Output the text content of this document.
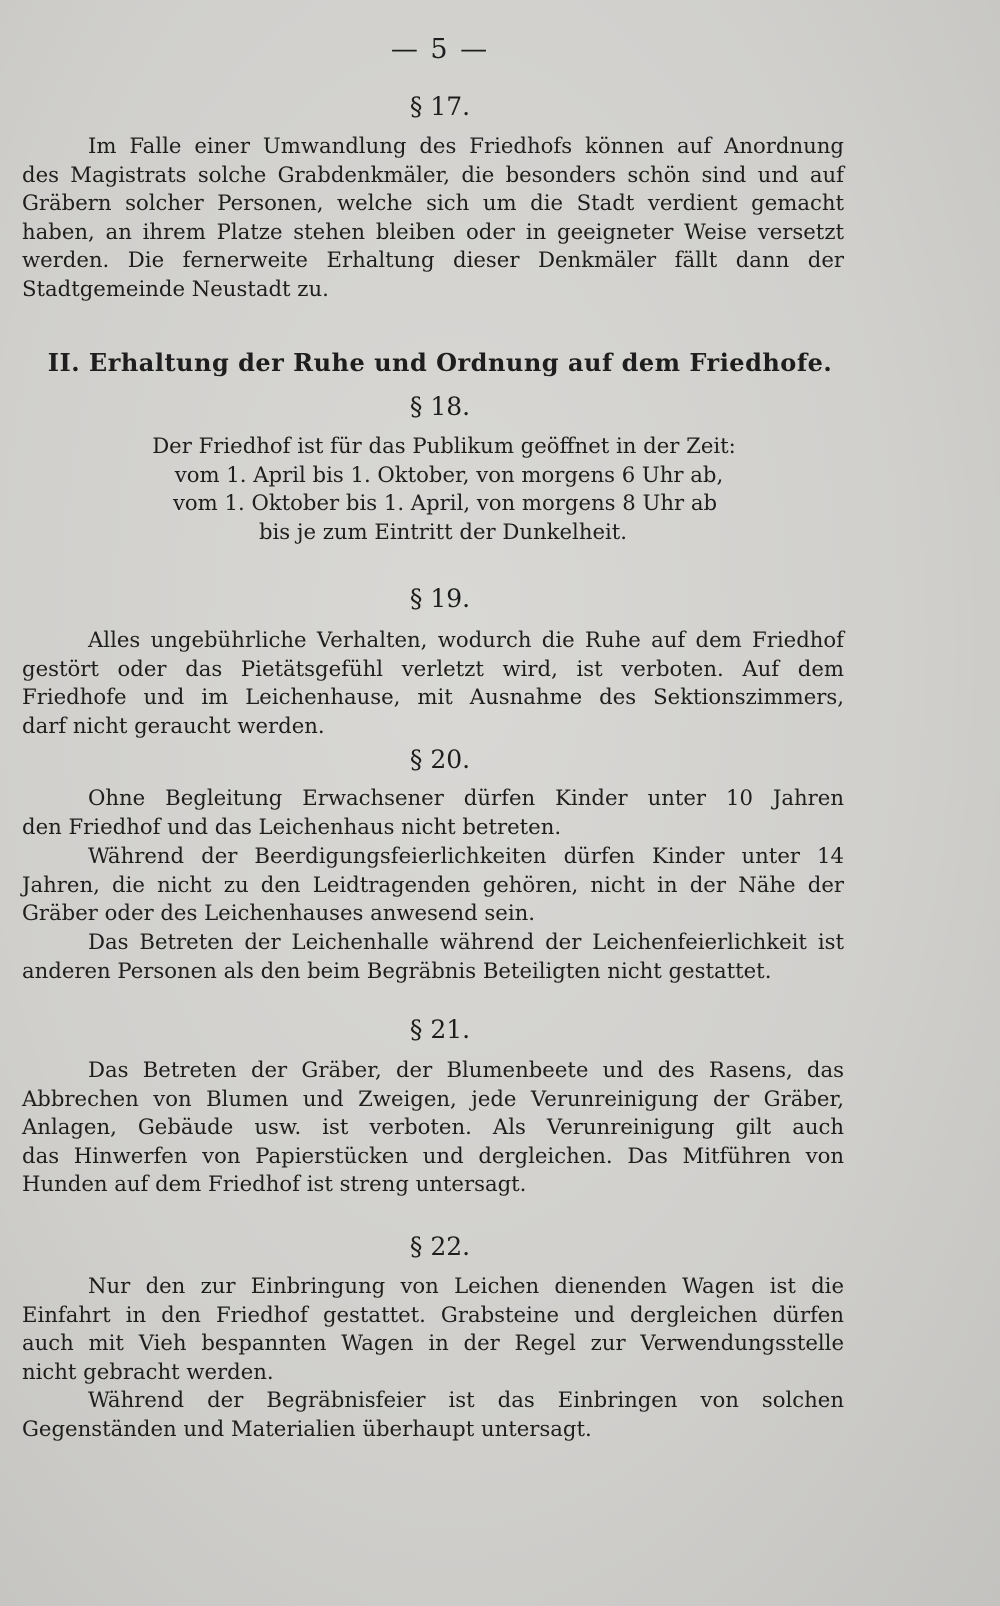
— 5 —
§ 17.

Im Falle einer Umwandlung des Friedhofs können auf Anordnung
des Magistrats solche Grabdenkmäler, die besonders schön sind und auf
Gräbern solcher Personen, welche sich um die Stadt verdient gemacht
haben, an ihrem Platze stehen bleiben oder in geeigneter Weise versetzt
werden. Die fernerweite Erhaltung dieser Denkmäler fällt dann der
Stadtgemeinde Neustadt zu.

II. Erhaltung der Ruhe und Ordnung auf dem Friedhofe.
§ 18.
Der Friedhof ist für das Publikum geöffnet in der Zeit:
vom 1. April bis 1. Oktober, von morgens 6 Uhr ab,
vom 1. Oktober bis 1. April, von morgens 8 Uhr ab
bis je zum Eintritt der Dunkelheit.
§ 19.

Alles ungebührliche Verhalten, wodurch die Ruhe auf dem Friedhof
gestört oder das Pietätsgefühl verletzt wird, ist verboten. Auf dem
Friedhofe und im Leichenhause, mit Ausnahme des Sektionszimmers,
darf nicht geraucht werden.

§ 20.

Ohne Begleitung Erwachsener dürfen Kinder unter 10 Jahren
den Friedhof und das Leichenhaus nicht betreten.

Während der Beerdigungsfeierlichkeiten dürfen Kinder unter 14
Jahren, die nicht zu den Leidtragenden gehören, nicht in der Nähe der
Gräber oder des Leichenhauses anwesend sein.

Das Betreten der Leichenhalle während der Leichenfeierlichkeit ist
anderen Personen als den beim Begräbnis Beteiligten nicht gestattet.

§ 21.

Das Betreten der Gräber, der Blumenbeete und des Rasens, das
Abbrechen von Blumen und Zweigen, jede Verunreinigung der Gräber,
Anlagen, Gebäude usw. ist verboten. Als Verunreinigung gilt auch
das Hinwerfen von Papierstücken und dergleichen. Das Mitführen von
Hunden auf dem Friedhof ist streng untersagt.

§ 22.

Nur den zur Einbringung von Leichen dienenden Wagen ist die
Einfahrt in den Friedhof gestattet. Grabsteine und dergleichen dürfen
auch mit Vieh bespannten Wagen in der Regel zur Verwendungsstelle
nicht gebracht werden.

Während der Begräbnisfeier ist das Einbringen von solchen
Gegenständen und Materialien überhaupt untersagt.
